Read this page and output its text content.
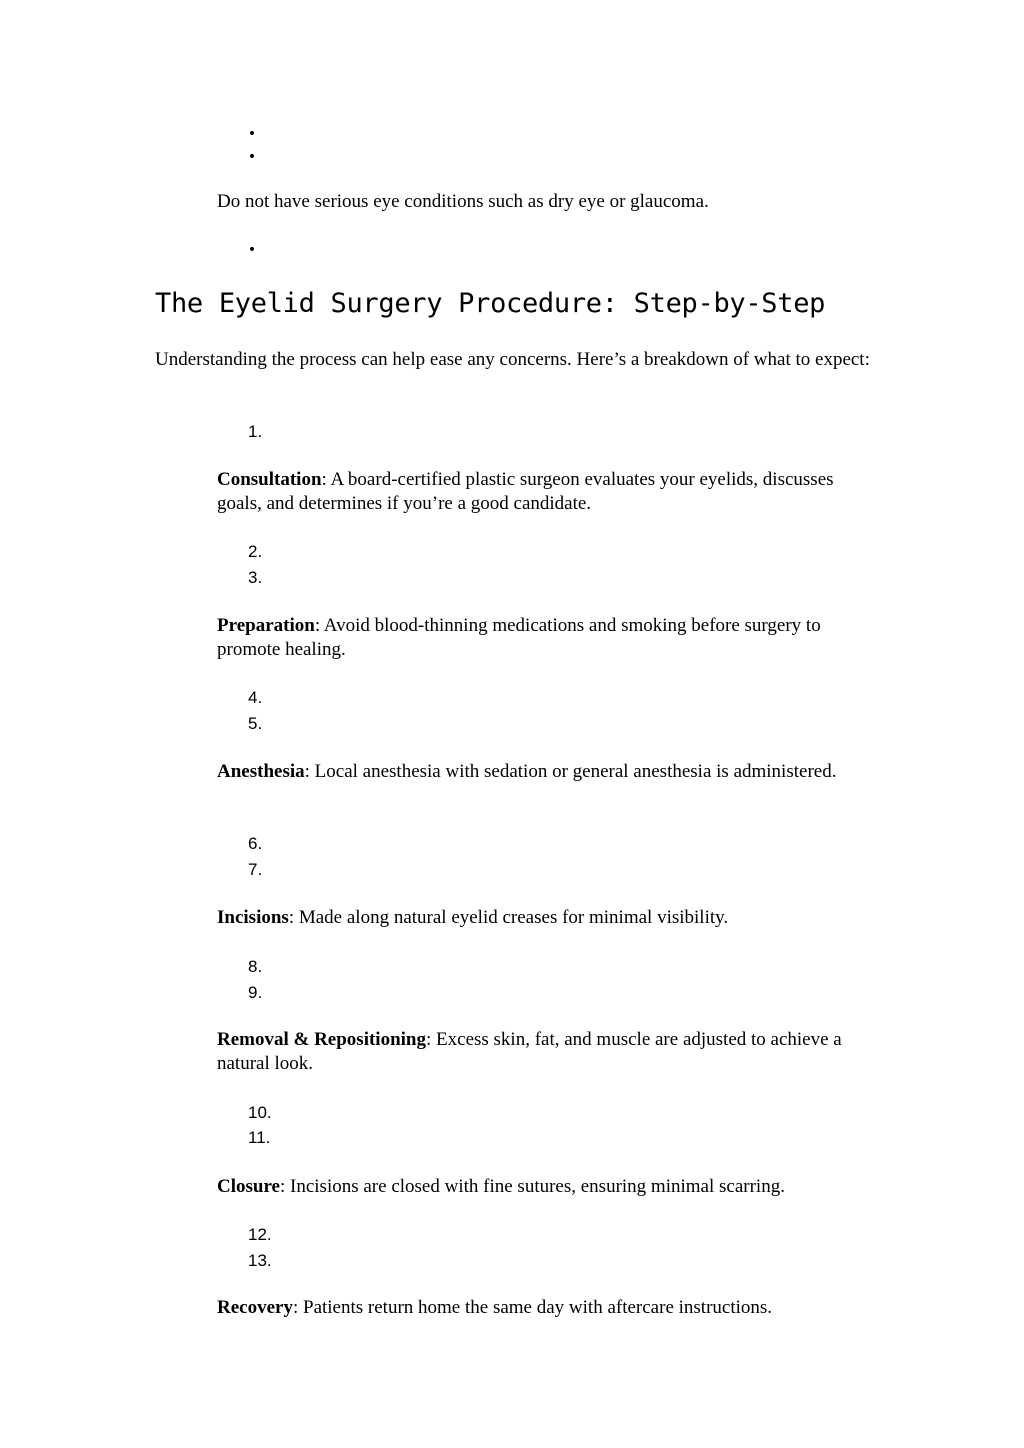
•
•
Do not have serious eye conditions such as dry eye or glaucoma.
•
The Eyelid Surgery Procedure: Step-by-Step
Understanding the process can help ease any concerns. Here’s a breakdown of what to expect:
1.
Consultation: A board-certified plastic surgeon evaluates your eyelids, discusses goals, and determines if you’re a good candidate.
2.
3.
Preparation: Avoid blood-thinning medications and smoking before surgery to promote healing.
4.
5.
Anesthesia: Local anesthesia with sedation or general anesthesia is administered.
6.
7.
Incisions: Made along natural eyelid creases for minimal visibility.
8.
9.
Removal & Repositioning: Excess skin, fat, and muscle are adjusted to achieve a natural look.
10.
11.
Closure: Incisions are closed with fine sutures, ensuring minimal scarring.
12.
13.
Recovery: Patients return home the same day with aftercare instructions.
